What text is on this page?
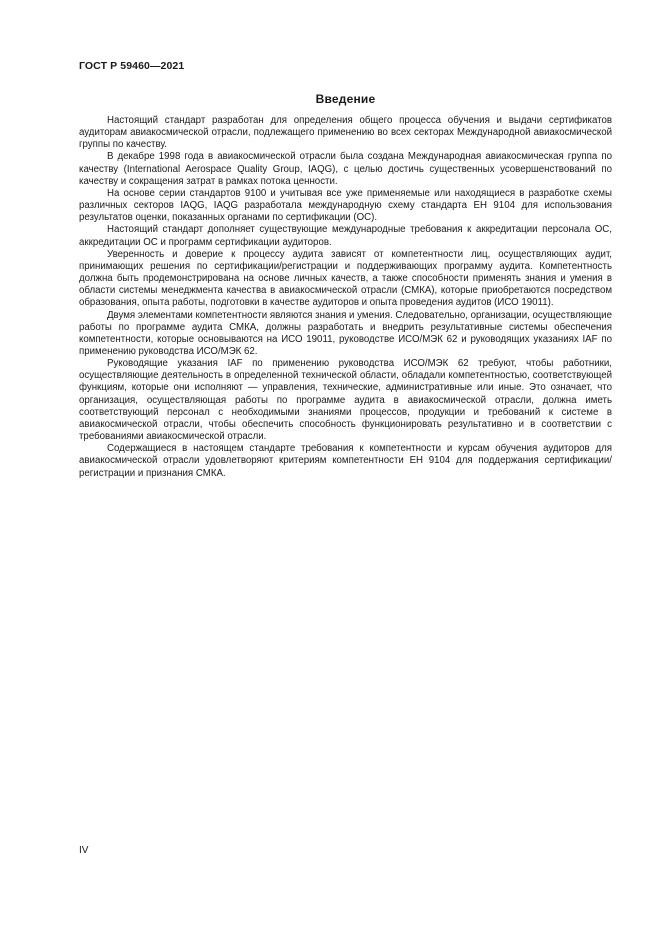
ГОСТ Р 59460—2021
Введение

Настоящий стандарт разработан для определения общего процесса обучения и выдачи сертификатов аудиторам авиакосмической отрасли, подлежащего применению во всех секторах Международной авиакосмической группы по качеству.

В декабре 1998 года в авиакосмической отрасли была создана Международная авиакосмическая группа по качеству (International Aerospace Quality Group, IAQG), с целью достичь существенных усовершенствований по качеству и сокращения затрат в рамках потока ценности.

На основе серии стандартов 9100 и учитывая все уже применяемые или находящиеся в разработке схемы различных секторов IAQG, IAQG разработала международную схему стандарта ЕН 9104 для использования результатов оценки, показанных органами по сертификации (ОС).

Настоящий стандарт дополняет существующие международные требования к аккредитации персонала ОС, аккредитации ОС и программ сертификации аудиторов.

Уверенность и доверие к процессу аудита зависят от компетентности лиц, осуществляющих аудит, принимающих решения по сертификации/регистрации и поддерживающих программу аудита. Компетентность должна быть продемонстрирована на основе личных качеств, а также способности применять знания и умения в области системы менеджмента качества в авиакосмической отрасли (СМКА), которые приобретаются посредством образования, опыта работы, подготовки в качестве аудиторов и опыта проведения аудитов (ИСО 19011).

Двумя элементами компетентности являются знания и умения. Следовательно, организации, осуществляющие работы по программе аудита СМКА, должны разработать и внедрить результативные системы обеспечения компетентности, которые основываются на ИСО 19011, руководстве ИСО/МЭК 62 и руководящих указаниях IAF по применению руководства ИСО/МЭК 62.

Руководящие указания IAF по применению руководства ИСО/МЭК 62 требуют, чтобы работники, осуществляющие деятельность в определенной технической области, обладали компетентностью, соответствующей функциям, которые они исполняют — управления, технические, административные или иные. Это означает, что организация, осуществляющая работы по программе аудита в авиакосмической отрасли, должна иметь соответствующий персонал с необходимыми знаниями процессов, продукции и требований к системе в авиакосмической отрасли, чтобы обеспечить способность функционировать результативно и в соответствии с требованиями авиакосмической отрасли.

Содержащиеся в настоящем стандарте требования к компетентности и курсам обучения аудиторов для авиакосмической отрасли удовлетворяют критериям компетентности ЕН 9104 для поддержания сертификации/регистрации и признания СМКА.

IV
